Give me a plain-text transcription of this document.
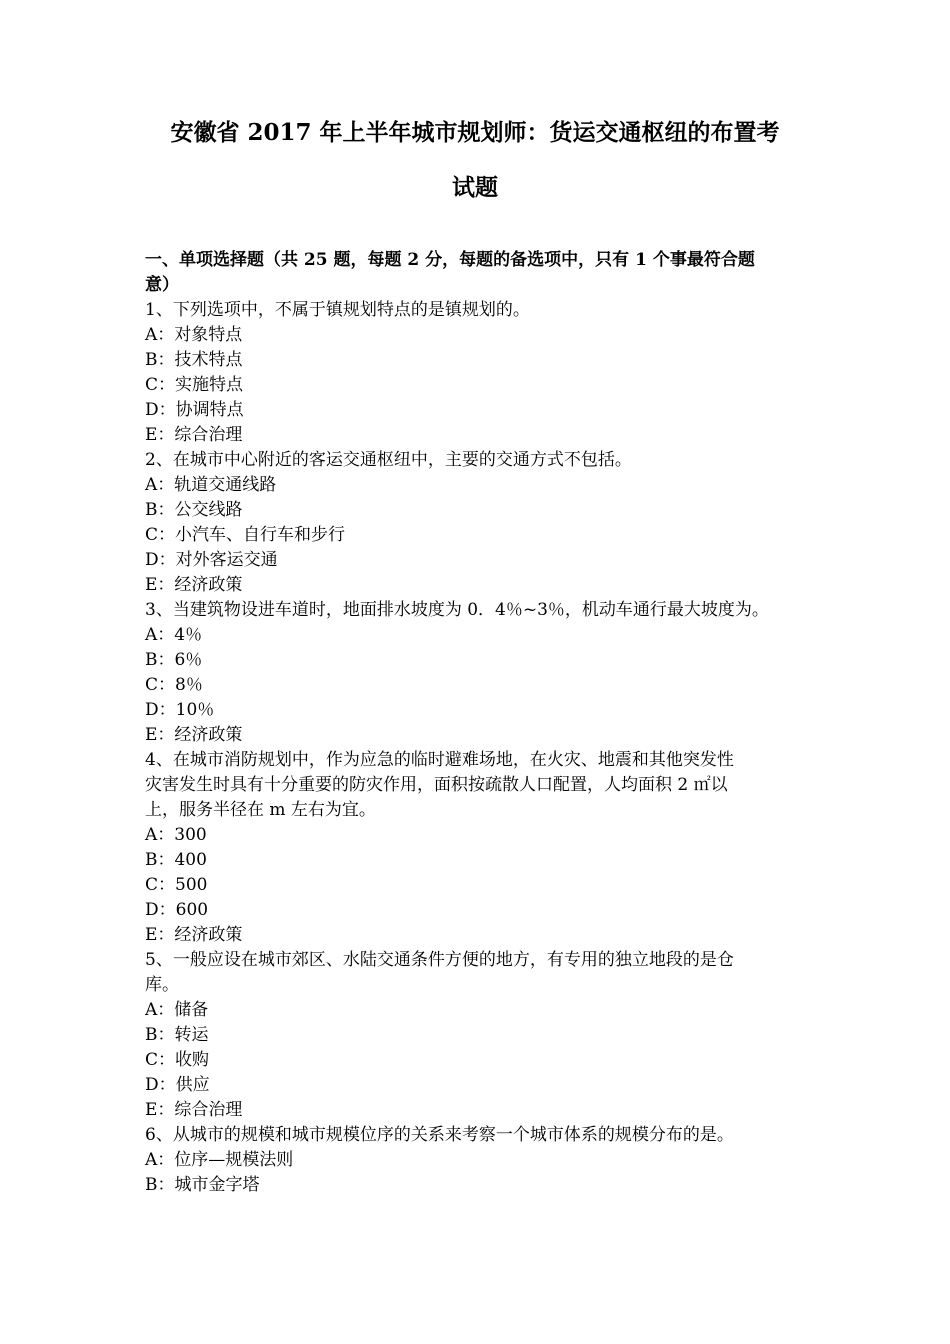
安徽省 2017 年上半年城市规划师：货运交通枢纽的布置考
试题
一、单项选择题（共 25 题，每题 2 分，每题的备选项中，只有 1 个事最符合题
意）
1、下列选项中，不属于镇规划特点的是镇规划的。
A：对象特点
B：技术特点
C：实施特点
D：协调特点
E：综合治理
2、在城市中心附近的客运交通枢纽中，主要的交通方式不包括。
A：轨道交通线路
B：公交线路
C：小汽车、自行车和步行
D：对外客运交通
E：经济政策
3、当建筑物设进车道时，地面排水坡度为 0．4％~3％，机动车通行最大坡度为。
A：4％
B：6％
C：8％
D：10％
E：经济政策
4、在城市消防规划中，作为应急的临时避难场地，在火灾、地震和其他突发性
灾害发生时具有十分重要的防灾作用，面积按疏散人口配置，人均面积 2 ㎡以
上，服务半径在 m 左右为宜。
A：300
B：400
C：500
D：600
E：经济政策
5、一般应设在城市郊区、水陆交通条件方便的地方，有专用的独立地段的是仓
库。
A：储备
B：转运
C：收购
D：供应
E：综合治理
6、从城市的规模和城市规模位序的关系来考察一个城市体系的规模分布的是。
A：位序—规模法则
B：城市金字塔
